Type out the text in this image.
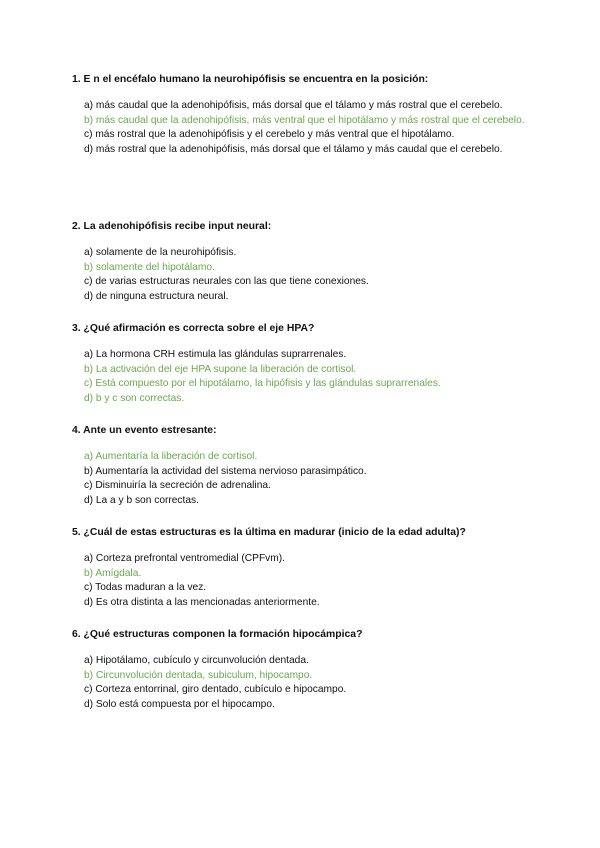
1. E n el encéfalo humano la neurohipófisis se encuentra en la posición:

a) más caudal que la adenohipófisis, más dorsal que el tálamo y más rostral que el cerebelo.

b) más caudal que la adenohipófisis, más ventral que el hipotálamo y más rostral que el cerebelo.

c) más rostral que la adenohipófisis y el cerebelo y más ventral que el hipotálamo.

d) más rostral que la adenohipófisis, más dorsal que el tálamo y más caudal que el cerebelo.

2. La adenohipófisis recibe input neural:

a) solamente de la neurohipófisis.

b) solamente del hipotálamo.

c) de varias estructuras neurales con las que tiene conexiones.

d) de ninguna estructura neural.

3. ¿Qué afirmación es correcta sobre el eje HPA?

a) La hormona CRH estimula las glándulas suprarrenales.

b) La activación del eje HPA supone la liberación de cortisol.

c) Está compuesto por el hipotálamo, la hipófisis y las glándulas suprarrenales.

d) b y c son correctas.

4. Ante un evento estresante:

a) Aumentaría la liberación de cortisol.

b) Aumentaría la actividad del sistema nervioso parasimpático.

c) Disminuiría la secreción de adrenalina.

d) La a y b son correctas.

5. ¿Cuál de estas estructuras es la última en madurar (inicio de la edad adulta)?

a) Corteza prefrontal ventromedial (CPFvm).

b) Amígdala.

c) Todas maduran a la vez.

d) Es otra distinta a las mencionadas anteriormente.

6. ¿Qué estructuras componen la formación hipocámpica?

a) Hipotálamo, cubículo y circunvolución dentada.

b) Circunvolución dentada, subiculum, hipocampo.

c) Corteza entorrinal, giro dentado, cubículo e hipocampo.

d) Solo está compuesta por el hipocampo.
